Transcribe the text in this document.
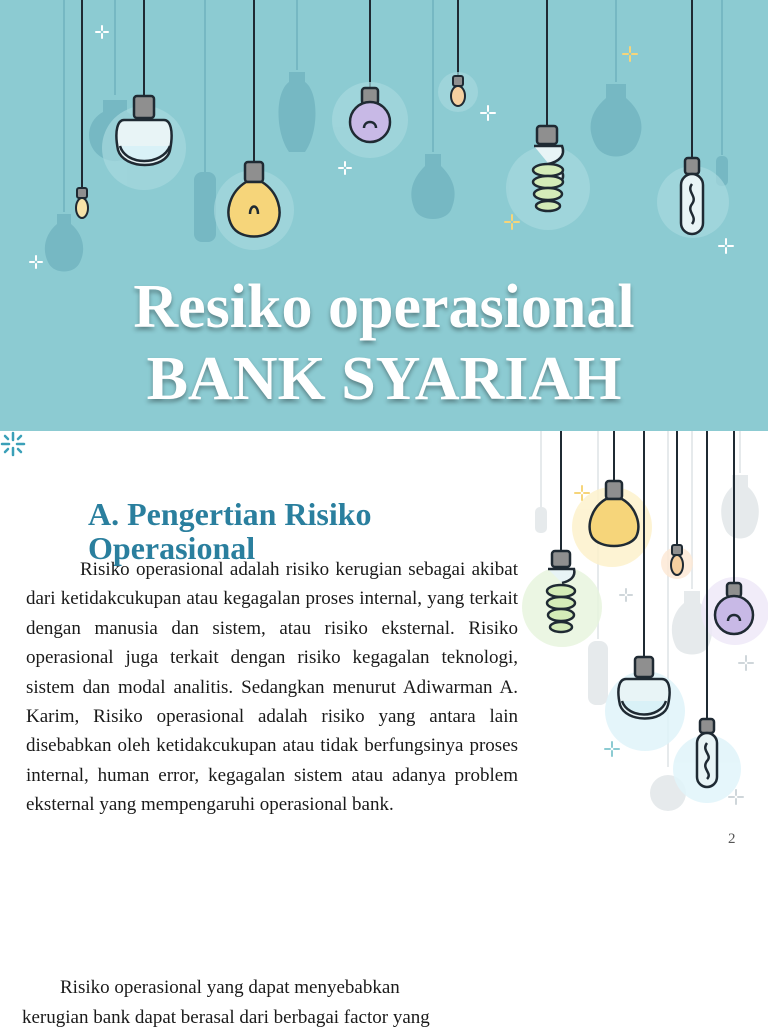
Resiko operasional
BANK SYARIAH
A. Pengertian Risiko Operasional

Risiko operasional adalah risiko kerugian sebagai akibat dari ketidakcukupan atau kegagalan proses internal, yang terkait dengan manusia dan sistem, atau risiko eksternal. Risiko operasional juga terkait dengan risiko kegagalan teknologi, sistem dan modal analitis. Sedangkan menurut Adiwarman A. Karim, Risiko operasional adalah risiko yang antara lain disebabkan oleh ketidakcukupan atau tidak berfungsinya proses internal, human error, kegagalan sistem atau adanya problem eksternal yang mempengaruhi operasional bank.

2

Risiko operasional yang dapat menyebabkan
kerugian bank dapat berasal dari berbagai factor yang
